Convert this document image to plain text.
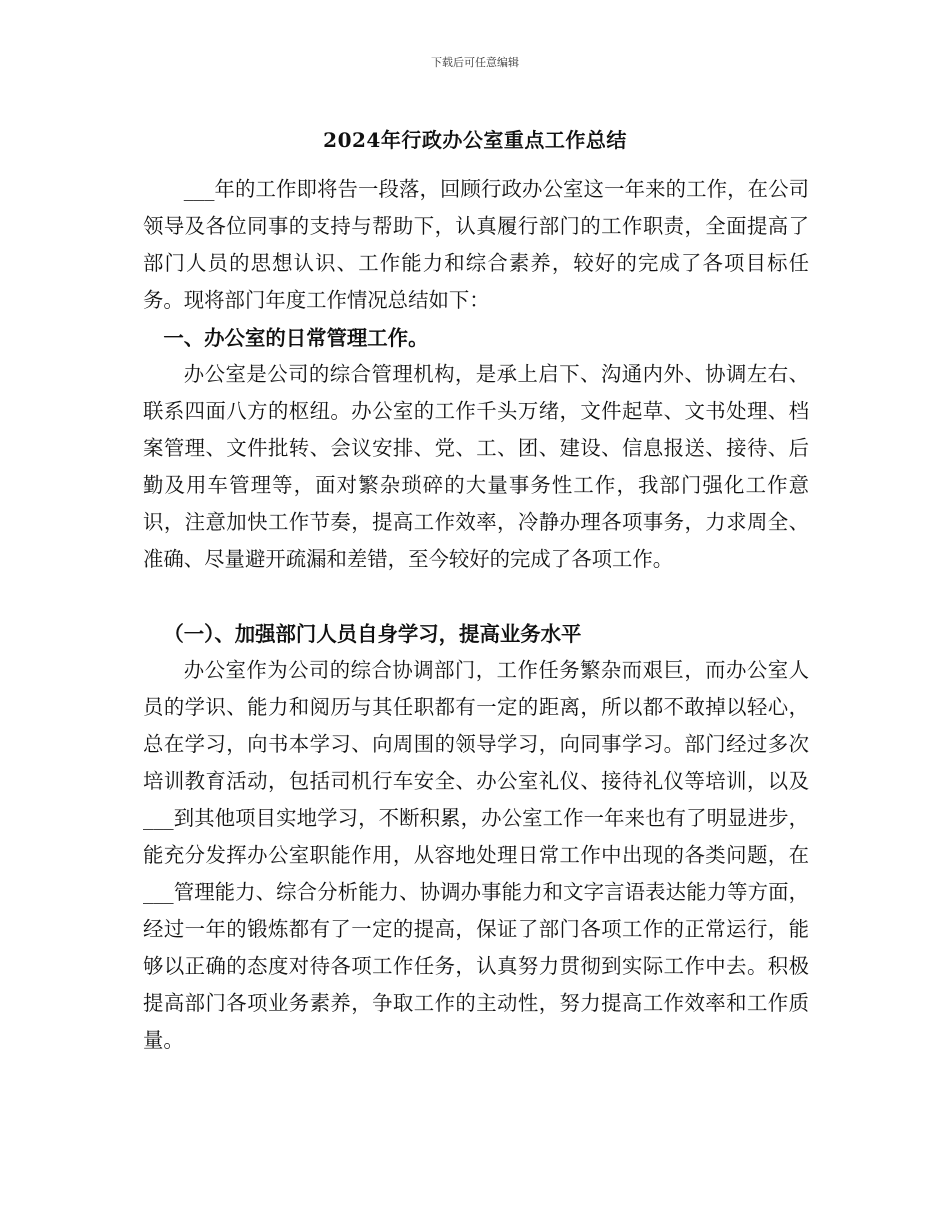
下载后可任意编辑
2024年行政办公室重点工作总结

___年的工作即将告一段落，回顾行政办公室这一年来的工作，在公司领导及各位同事的支持与帮助下，认真履行部门的工作职责，全面提高了部门人员的思想认识、工作能力和综合素养，较好的完成了各项目标任务。现将部门年度工作情况总结如下：

一、办公室的日常管理工作。

办公室是公司的综合管理机构，是承上启下、沟通内外、协调左右、联系四面八方的枢纽。办公室的工作千头万绪，文件起草、文书处理、档案管理、文件批转、会议安排、党、工、团、建设、信息报送、接待、后勤及用车管理等，面对繁杂琐碎的大量事务性工作，我部门强化工作意识，注意加快工作节奏，提高工作效率，冷静办理各项事务，力求周全、准确、尽量避开疏漏和差错，至今较好的完成了各项工作。

（一）、加强部门人员自身学习，提高业务水平

办公室作为公司的综合协调部门，工作任务繁杂而艰巨，而办公室人员的学识、能力和阅历与其任职都有一定的距离，所以都不敢掉以轻心，总在学习，向书本学习、向周围的领导学习，向同事学习。部门经过多次培训教育活动，包括司机行车安全、办公室礼仪、接待礼仪等培训，以及___到其他项目实地学习，不断积累，办公室工作一年来也有了明显进步，能充分发挥办公室职能作用，从容地处理日常工作中出现的各类问题，在___管理能力、综合分析能力、协调办事能力和文字言语表达能力等方面，经过一年的锻炼都有了一定的提高，保证了部门各项工作的正常运行，能够以正确的态度对待各项工作任务，认真努力贯彻到实际工作中去。积极提高部门各项业务素养，争取工作的主动性，努力提高工作效率和工作质量。
